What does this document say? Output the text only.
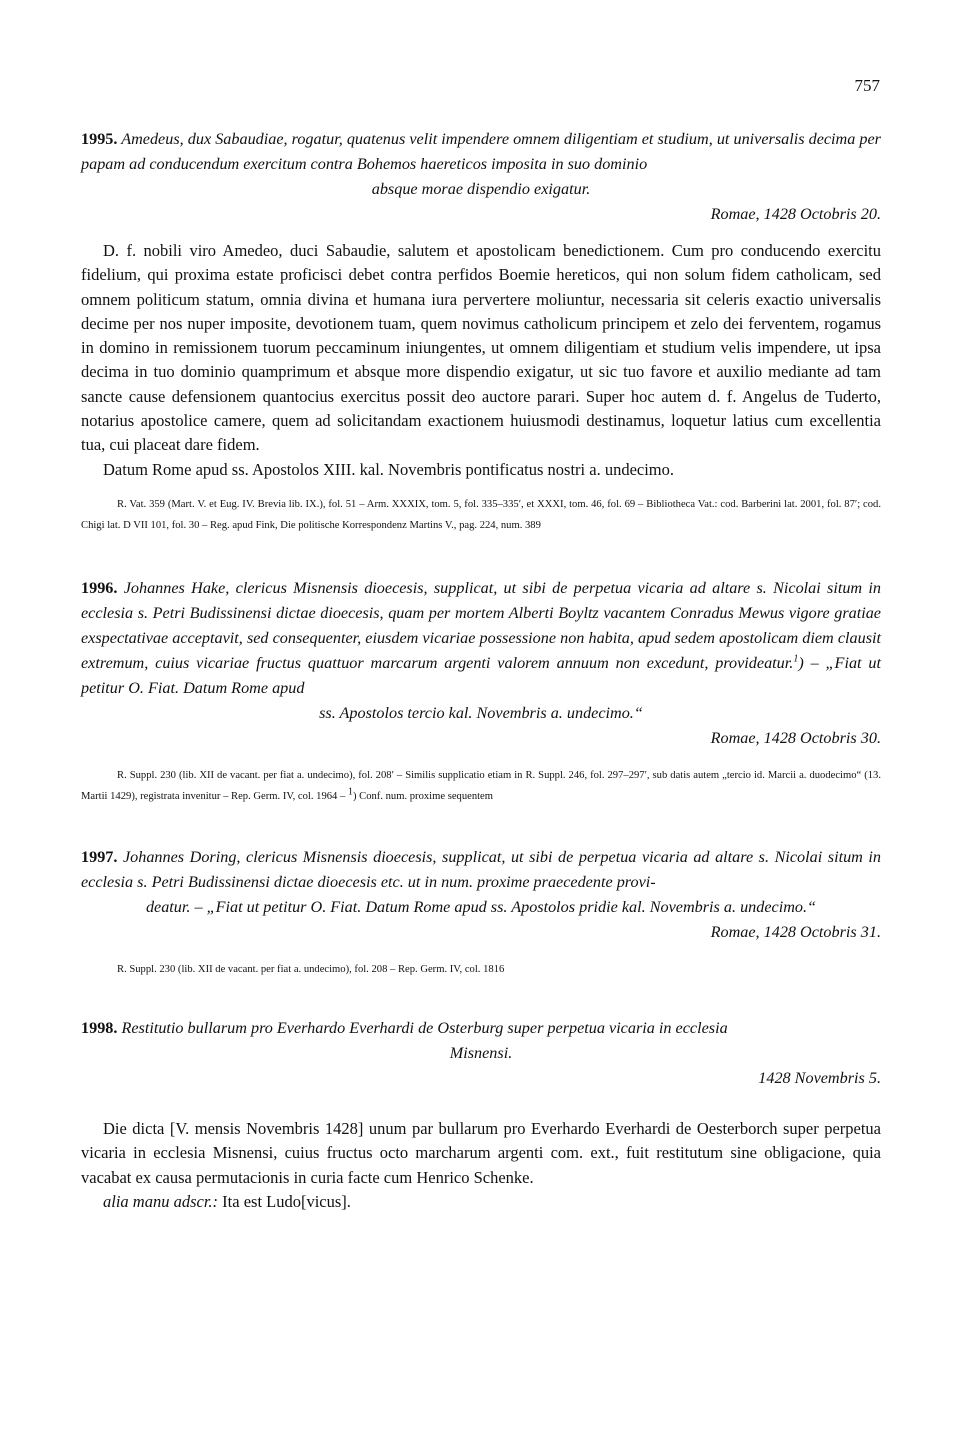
757
1995. Amedeus, dux Sabaudiae, rogatur, quatenus velit impendere omnem diligentiam et studium, ut universalis decima per papam ad conducendum exercitum contra Bohemos haereticos imposita in suo dominio
absque morae dispendio exigatur.
Romae, 1428 Octobris 20.

D. f. nobili viro Amedeo, duci Sabaudie, salutem et apostolicam benedictionem. Cum pro conducendo exercitu fidelium, qui proxima estate proficisci debet contra perfidos Boemie hereticos, qui non solum fidem catholicam, sed omnem politicum statum, omnia divina et humana iura pervertere moliuntur, necessaria sit celeris exactio universalis decime per nos nuper imposite, devotionem tuam, quem novimus catholicum principem et zelo dei ferventem, rogamus in domino in remissionem tuorum peccaminum iniungentes, ut omnem diligentiam et studium velis impendere, ut ipsa decima in tuo dominio quamprimum et absque more dispendio exigatur, ut sic tuo favore et auxilio mediante ad tam sancte cause defensionem quantocius exercitus possit deo auctore parari. Super hoc autem d. f. Angelus de Tuderto, notarius apostolice camere, quem ad solicitandam exactionem huiusmodi destinamus, loquetur latius cum excellentia tua, cui placeat dare fidem.

Datum Rome apud ss. Apostolos XIII. kal. Novembris pontificatus nostri a. undecimo.

R. Vat. 359 (Mart. V. et Eug. IV. Brevia lib. IX.), fol. 51 – Arm. XXXIX, tom. 5, fol. 335–335′, et XXXI, tom. 46, fol. 69 – Bibliotheca Vat.: cod. Barberini lat. 2001, fol. 87′; cod. Chigi lat. D VII 101, fol. 30 – Reg. apud Fink, Die politische Korrespondenz Martins V., pag. 224, num. 389

1996. Johannes Hake, clericus Misnensis dioecesis, supplicat, ut sibi de perpetua vicaria ad altare s. Nicolai situm in ecclesia s. Petri Budissinensi dictae dioecesis, quam per mortem Alberti Boyltz vacantem Conradus Mewus vigore gratiae exspectativae acceptavit, sed consequenter, eiusdem vicariae possessione non habita, apud sedem apostolicam diem clausit extremum, cuius vicariae fructus quattuor marcarum argenti valorem annuum non excedunt, provideatur.$^1$) – „Fiat ut petitur O. Fiat. Datum Rome apud
ss. Apostolos tercio kal. Novembris a. undecimo.“
Romae, 1428 Octobris 30.

R. Suppl. 230 (lib. XII de vacant. per fiat a. undecimo), fol. 208′ – Similis supplicatio etiam in R. Suppl. 246, fol. 297–297′, sub datis autem „tercio id. Marcii a. duodecimo“ (13. Martii 1429), registrata invenitur – Rep. Germ. IV, col. 1964 – 1) Conf. num. proxime sequentem

1997. Johannes Doring, clericus Misnensis dioecesis, supplicat, ut sibi de perpetua vicaria ad altare s. Nicolai situm in ecclesia s. Petri Budissinensi dictae dioecesis etc. ut in num. proxime praecedente provi-
deatur. – „Fiat ut petitur O. Fiat. Datum Rome apud ss. Apostolos pridie kal. Novembris a. undecimo.“
Romae, 1428 Octobris 31.

R. Suppl. 230 (lib. XII de vacant. per fiat a. undecimo), fol. 208 – Rep. Germ. IV, col. 1816

1998. Restitutio bullarum pro Everhardo Everhardi de Osterburg super perpetua vicaria in ecclesia
Misnensi.
1428 Novembris 5.

Die dicta [V. mensis Novembris 1428] unum par bullarum pro Everhardo Everhardi de Oesterborch super perpetua vicaria in ecclesia Misnensi, cuius fructus octo marcharum argenti com. ext., fuit restitutum sine obligacione, quia vacabat ex causa permutacionis in curia facte cum Henrico Schenke.

alia manu adscr.: Ita est Ludo[vicus].
